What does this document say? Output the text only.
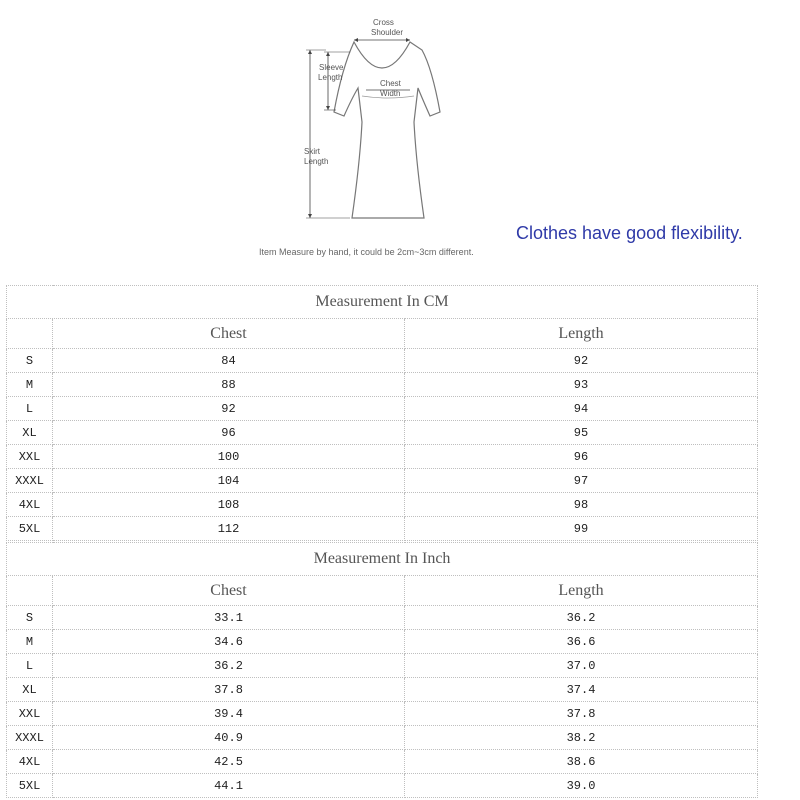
Cross
Shoulder
Sleeve
Length
Chest
Width
Skirt
Length
Item Measure by hand, it could be 2cm~3cm different.
Clothes have good flexibility.
Measurement In CM		
	Chest	Length
S	84	92
M	88	93
L	92	94
XL	96	95
XXL	100	96
XXXL	104	97
4XL	108	98
5XL	112	99
Measurement In Inch		
	Chest	Length
S	33.1	36.2
M	34.6	36.6
L	36.2	37.0
XL	37.8	37.4
XXL	39.4	37.8
XXXL	40.9	38.2
4XL	42.5	38.6
5XL	44.1	39.0
